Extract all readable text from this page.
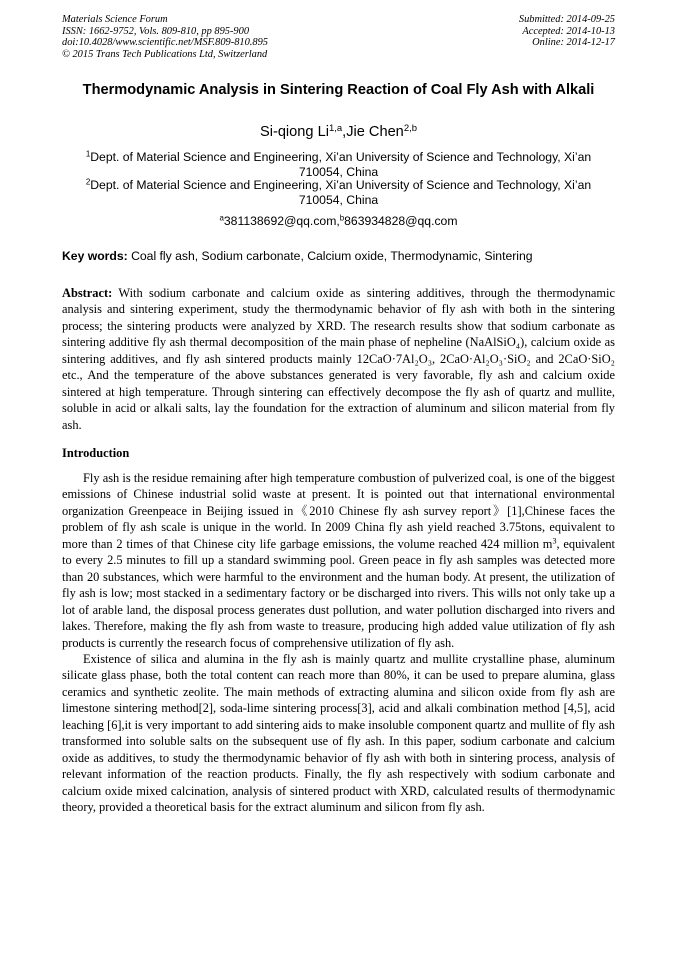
Materials Science Forum
ISSN: 1662-9752, Vols. 809-810, pp 895-900
doi:10.4028/www.scientific.net/MSF.809-810.895
© 2015 Trans Tech Publications Ltd, Switzerland
Submitted: 2014-09-25
Accepted: 2014-10-13
Online: 2014-12-17
Thermodynamic Analysis in Sintering Reaction of Coal Fly Ash with Alkali
Si-qiong Li$^{1,a}$,Jie Chen$^{2,b}$
$^1$Dept. of Material Science and Engineering, Xi’an University of Science and Technology, Xi’an
710054, China
$^2$Dept. of Material Science and Engineering, Xi’an University of Science and Technology, Xi’an
710054, China
$^a$381138692@qq.com,$^b$863934828@qq.com
Key words: Coal fly ash, Sodium carbonate, Calcium oxide, Thermodynamic, Sintering
Abstract: With sodium carbonate and calcium oxide as sintering additives, through the thermodynamic analysis and sintering experiment, study the thermodynamic behavior of fly ash with both in the sintering process; the sintering products were analyzed by XRD. The research results show that sodium carbonate as sintering additive fly ash thermal decomposition of the main phase of nepheline (NaAlSiO₄), calcium oxide as sintering additives, and fly ash sintered products mainly 12CaO·7Al₂O₃, 2CaO·Al₂O₃·SiO₂ and 2CaO·SiO₂ etc., And the temperature of the above substances generated is very favorable, fly ash and calcium oxide sintered at high temperature. Through sintering can effectively decompose the fly ash of quartz and mullite, soluble in acid or alkali salts, lay the foundation for the extraction of aluminum and silicon material from fly ash.
Introduction

Fly ash is the residue remaining after high temperature combustion of pulverized coal, is one of the biggest emissions of Chinese industrial solid waste at present. It is pointed out that international environmental organization Greenpeace in Beijing issued in《2010 Chinese fly ash survey report》[1],Chinese faces the problem of fly ash scale is unique in the world. In 2009 China fly ash yield reached 3.75tons, equivalent to more than 2 times of that Chinese city life garbage emissions, the volume reached 424 million $m^3$, equivalent to every 2.5 minutes to fill up a standard swimming pool. Green peace in fly ash samples was detected more than 20 substances, which were harmful to the environment and the human body. At present, the utilization of fly ash is low; most stacked in a sedimentary factory or be discharged into rivers. This wills not only take up a lot of arable land, the disposal process generates dust pollution, and water pollution discharged into rivers and lakes. Therefore, making the fly ash from waste to treasure, producing high added value utilization of fly ash products is currently the research focus of comprehensive utilization of fly ash.

Existence of silica and alumina in the fly ash is mainly quartz and mullite crystalline phase, aluminum silicate glass phase, both the total content can reach more than 80%, it can be used to prepare alumina, glass ceramics and synthetic zeolite. The main methods of extracting alumina and silicon oxide from fly ash are limestone sintering method[2], soda-lime sintering process[3], acid and alkali combination method [4,5], acid leaching [6],it is very important to add sintering aids to make insoluble component quartz and mullite of fly ash transformed into soluble salts on the subsequent use of fly ash. In this paper, sodium carbonate and calcium oxide as additives, to study the thermodynamic behavior of fly ash with both in sintering process, analysis of relevant information of the reaction products. Finally, the fly ash respectively with sodium carbonate and calcium oxide mixed calcination, analysis of sintered product with XRD, calculated results of thermodynamic theory, provided a theoretical basis for the extract aluminum and silicon from fly ash.
